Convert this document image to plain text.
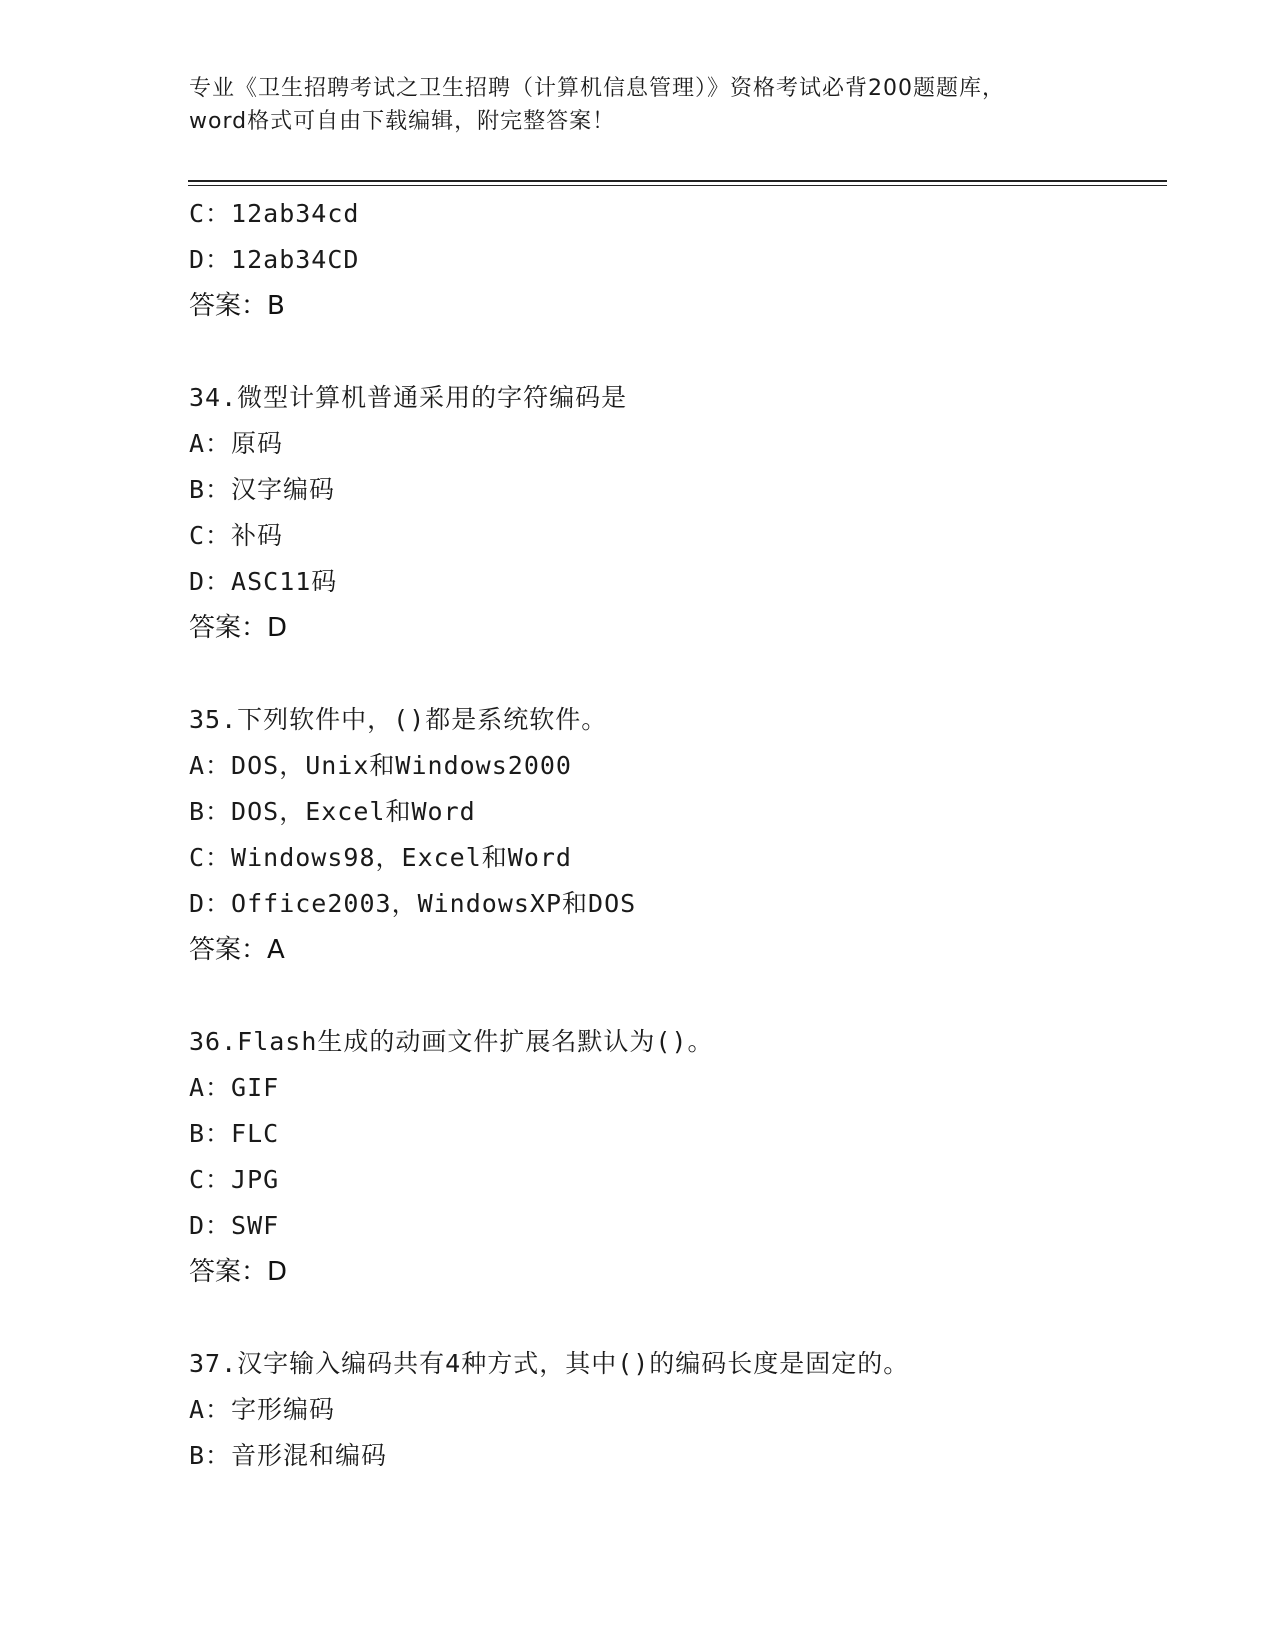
专业《卫生招聘考试之卫生招聘（计算机信息管理）》资格考试必背200题题库，
word格式可自由下载编辑，附完整答案！
C：12ab34cd
D：12ab34CD
答案：B
34.微型计算机普通采用的字符编码是
A：原码
B：汉字编码
C：补码
D：ASC11码
答案：D
35.下列软件中，()都是系统软件。
A：DOS，Unix和Windows2000
B：DOS，Excel和Word
C：Windows98，Excel和Word
D：Office2003，WindowsXP和DOS
答案：A
36.Flash生成的动画文件扩展名默认为()。
A：GIF
B：FLC
C：JPG
D：SWF
答案：D
37.汉字输入编码共有4种方式，其中()的编码长度是固定的。
A：字形编码
B：音形混和编码
